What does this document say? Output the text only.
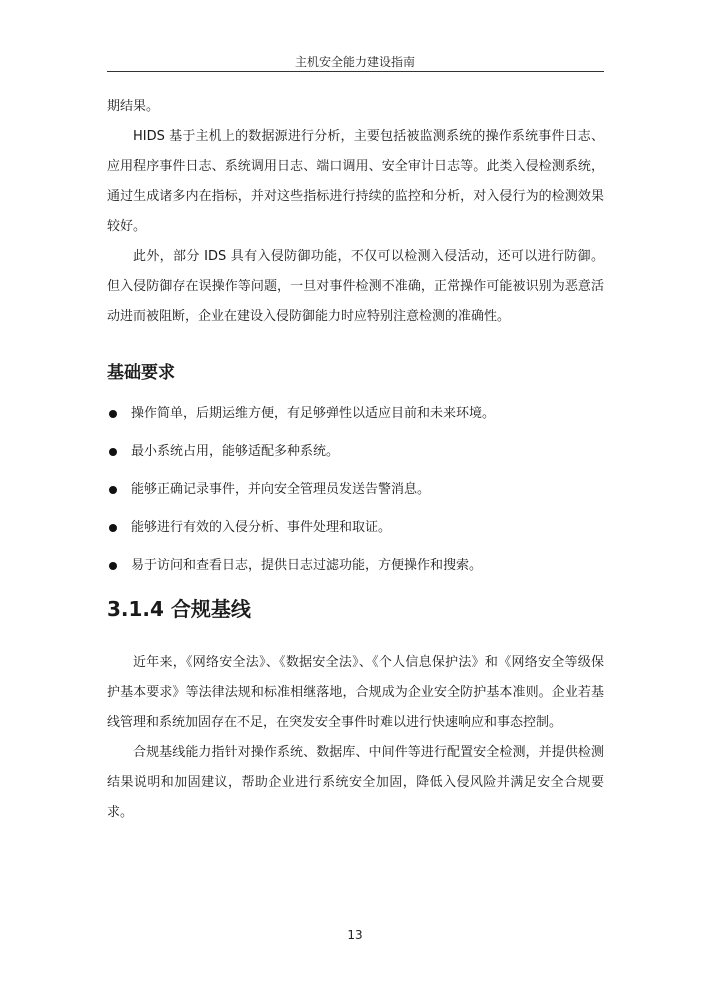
主机安全能力建设指南

期结果。

HIDS 基于主机上的数据源进行分析，主要包括被监测系统的操作系统事件日志、应用程序事件日志、系统调用日志、端口调用、安全审计日志等。此类入侵检测系统，通过生成诸多内在指标，并对这些指标进行持续的监控和分析，对入侵行为的检测效果较好。

此外，部分 IDS 具有入侵防御功能，不仅可以检测入侵活动，还可以进行防御。但入侵防御存在误操作等问题，一旦对事件检测不准确，正常操作可能被识别为恶意活动进而被阻断，企业在建设入侵防御能力时应特别注意检测的准确性。

基础要求
操作简单，后期运维方便，有足够弹性以适应目前和未来环境。
最小系统占用，能够适配多种系统。
能够正确记录事件，并向安全管理员发送告警消息。
能够进行有效的入侵分析、事件处理和取证。
易于访问和查看日志，提供日志过滤功能，方便操作和搜索。
3.1.4 合规基线

近年来，《网络安全法》、《数据安全法》、《个人信息保护法》和《网络安全等级保护基本要求》等法律法规和标准相继落地，合规成为企业安全防护基本准则。企业若基线管理和系统加固存在不足，在突发安全事件时难以进行快速响应和事态控制。

合规基线能力指针对操作系统、数据库、中间件等进行配置安全检测，并提供检测结果说明和加固建议，帮助企业进行系统安全加固，降低入侵风险并满足安全合规要求。

13
